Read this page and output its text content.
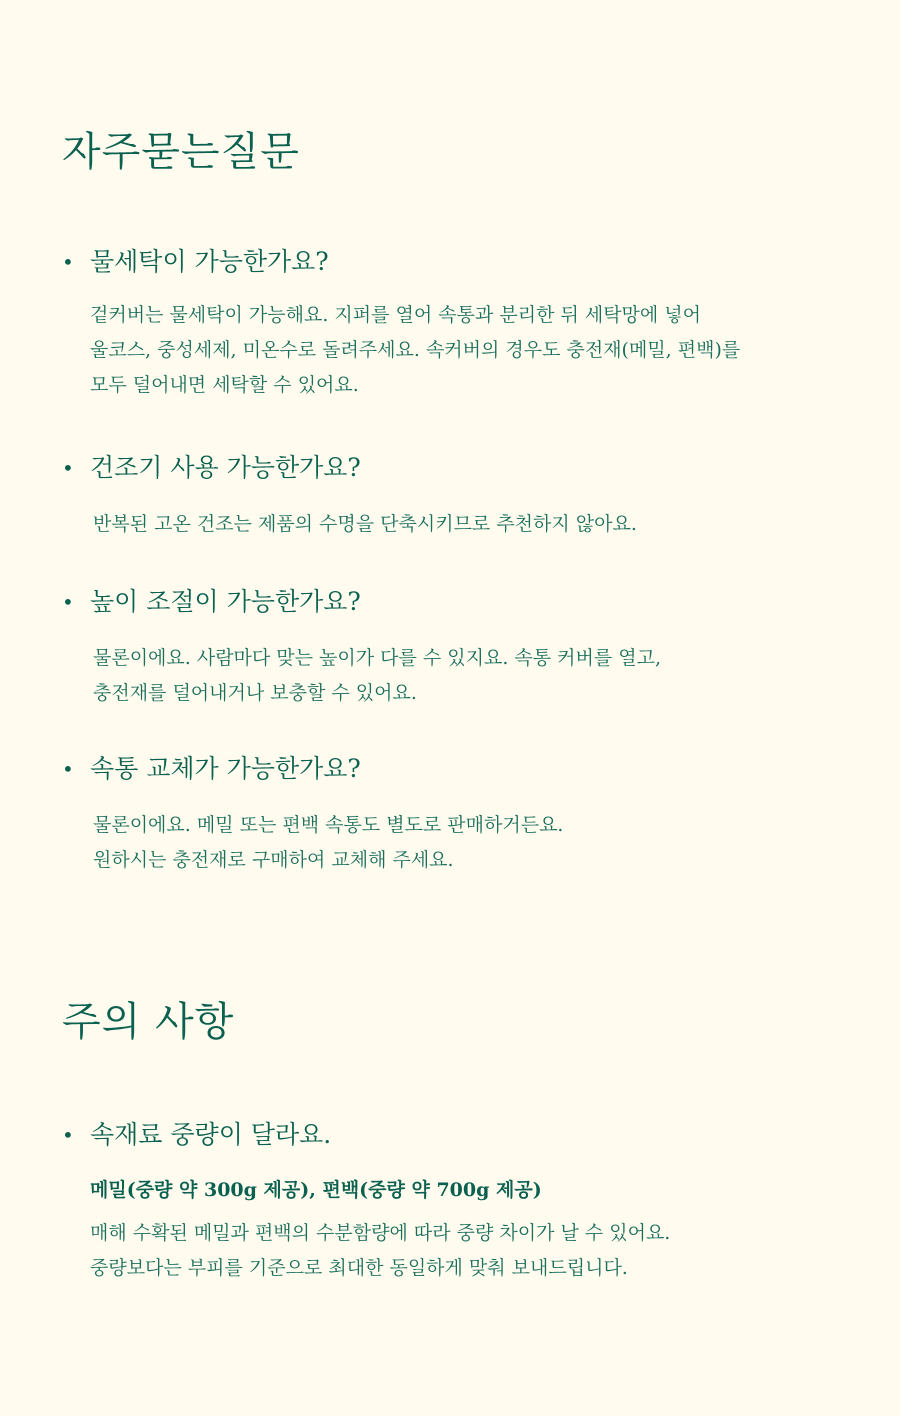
자주묻는질문
• 물세탁이 가능한가요?

겉커버는 물세탁이 가능해요. 지퍼를 열어 속통과 분리한 뒤 세탁망에 넣어
울코스, 중성세제, 미온수로 돌려주세요. 속커버의 경우도 충전재(메밀, 편백)를
모두 덜어내면 세탁할 수 있어요.

• 건조기 사용 가능한가요?

반복된 고온 건조는 제품의 수명을 단축시키므로 추천하지 않아요.

• 높이 조절이 가능한가요?

물론이에요. 사람마다 맞는 높이가 다를 수 있지요. 속통 커버를 열고,
충전재를 덜어내거나 보충할 수 있어요.

• 속통 교체가 가능한가요?

물론이에요. 메밀 또는 편백 속통도 별도로 판매하거든요.
원하시는 충전재로 구매하여 교체해 주세요.

주의 사항
• 속재료 중량이 달라요.
메밀(중량 약 300g 제공), 편백(중량 약 700g 제공)

매해 수확된 메밀과 편백의 수분함량에 따라 중량 차이가 날 수 있어요.
중량보다는 부피를 기준으로 최대한 동일하게 맞춰 보내드립니다.
